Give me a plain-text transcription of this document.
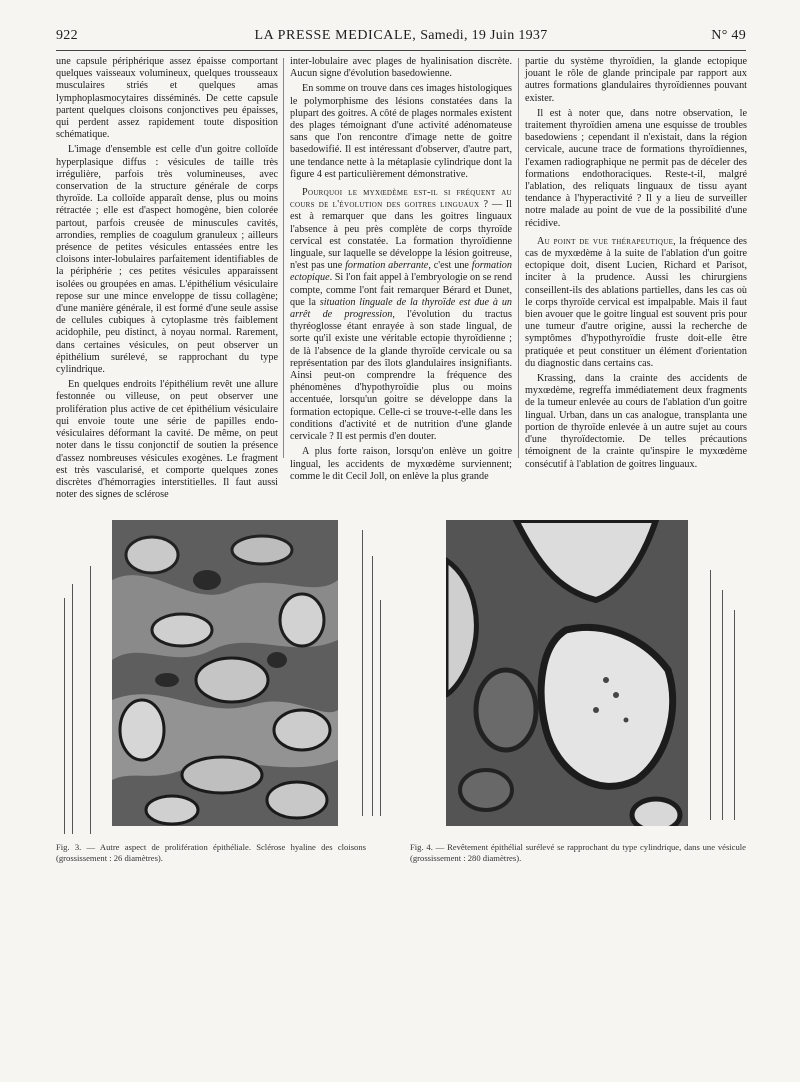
922	LA PRESSE MEDICALE, Samedi, 19 Juin 1937	N° 49

une capsule périphérique assez épaisse comportant quelques vaisseaux volumineux, quelques trousseaux musculaires striés et quelques amas lymphoplasmocytaires disséminés. De cette capsule partent quelques cloisons conjonctives peu épaisses, qui perdent assez rapidement toute disposition schématique.

L'image d'ensemble est celle d'un goitre colloïde hyperplasique diffus : vésicules de taille très irrégulière, parfois très volumineuses, avec conservation de la structure générale de corps thyroïde. La colloïde apparaît dense, plus ou moins rétractée ; elle est d'aspect homogène, bien colorée partout, parfois creusée de minuscules cavités, arrondies, remplies de coagulum granuleux ; ailleurs présence de petites vésicules entassées entre les cloisons inter-lobulaires parfaitement identifiables de la périphérie ; ces petites vésicules apparaissent isolées ou groupées en amas. L'épithélium vésiculaire repose sur une mince enveloppe de tissu collagène; d'une manière générale, il est formé d'une seule assise de cellules cubiques à cytoplasme très faiblement acidophile, peu distinct, à noyau normal. Rarement, dans certaines vésicules, on peut observer un épithélium surélevé, se rapprochant du type cylindrique.

En quelques endroits l'épithélium revêt une allure festonnée ou villeuse, on peut observer une prolifération plus active de cet épithélium vésiculaire qui envoie toute une série de papilles endo-vésiculaires déformant la cavité. De même, on peut noter dans le tissu conjonctif de soutien la présence d'assez nombreuses vésicules exogènes. Le fragment est très vascularisé, et comporte quelques zones discrètes d'hémorragies interstitielles. Il faut aussi noter des signes de sclérose

inter-lobulaire avec plages de hyalinisation discrète. Aucun signe d'évolution basedowienne.

En somme on trouve dans ces images histologiques le polymorphisme des lésions constatées dans la plupart des goitres. A côté de plages normales existent des plages témoignant d'une activité adénomateuse sans que l'on rencontre d'image nette de goitre basedowifié. Il est intéressant d'observer, d'autre part, une tendance nette à la métaplasie cylindrique dont la figure 4 est particulièrement démonstrative.

Pourquoi le myxœdème est-il si fréquent au cours de l'évolution des goitres linguaux ? — Il est à remarquer que dans les goitres linguaux l'absence à peu près complète de corps thyroïde cervical est constatée. La formation thyroïdienne linguale, sur laquelle se développe la lésion goitreuse, n'est pas une formation aberrante, c'est une formation ectopique. Si l'on fait appel à l'embryologie on se rend compte, comme l'ont fait remarquer Bérard et Dunet, que la situation linguale de la thyroïde est due à un arrêt de progression, l'évolution du tractus thyréoglosse étant enrayée à son stade lingual, de sorte qu'il existe une véritable ectopie thyroïdienne ; de là l'absence de la glande thyroïde cervicale ou sa représentation par des îlots glandulaires insignifiants. Ainsi peut-on comprendre la fréquence des phénomènes d'hypothyroïdie plus ou moins accentuée, lorsqu'un goitre se développe dans la formation ectopique. Celle-ci se trouve-t-elle dans les conditions d'activité et de nutrition d'une glande cervicale ? Il est permis d'en douter.

A plus forte raison, lorsqu'on enlève un goitre lingual, les accidents de myxœdème surviennent; comme le dit Cecil Joll, on enlève la plus grande

partie du système thyroïdien, la glande ectopique jouant le rôle de glande principale par rapport aux autres formations glandulaires thyroïdiennes pouvant exister.

Il est à noter que, dans notre observation, le traitement thyroïdien amena une esquisse de troubles basedowiens ; cependant il n'existait, dans la région cervicale, aucune trace de formations thyroïdiennes, l'examen radiographique ne permit pas de déceler des formations endothoraciques. Reste-t-il, malgré l'ablation, des reliquats linguaux de tissu ayant tendance à l'hyperactivité ? Il y a lieu de surveiller notre malade au point de vue de la possibilité d'une récidive.

Au point de vue thérapeutique, la fréquence des cas de myxœdème à la suite de l'ablation d'un goitre ectopique doit, disent Lucien, Richard et Parisot, inciter à la prudence. Aussi les chirurgiens conseillent-ils des ablations partielles, dans les cas où le corps thyroïde cervical est impalpable. Mais il faut bien avouer que le goitre lingual est souvent pris pour une tumeur d'autre origine, aussi la recherche de symptômes d'hypothyroïdie fruste doit-elle être pratiquée et peut constituer un élément d'orientation du diagnostic dans certains cas.

Krassing, dans la crainte des accidents de myxœdème, regreffa immédiatement deux fragments de la tumeur enlevée au cours de l'ablation d'un goitre lingual. Urban, dans un cas analogue, transplanta une portion de thyroïde enlevée à un autre sujet au cours d'une thyroïdectomie. De telles précautions témoignent de la crainte qu'inspire le myxœdème consécutif à l'ablation de goitres linguaux.

Fig. 3. — Autre aspect de prolifération épithéliale. Sclérose hyaline des cloisons (grossissement : 26 diamètres).
Fig. 4. — Revêtement épithélial surélevé se rapprochant du type cylindrique, dans une vésicule (grossissement : 280 diamètres).
